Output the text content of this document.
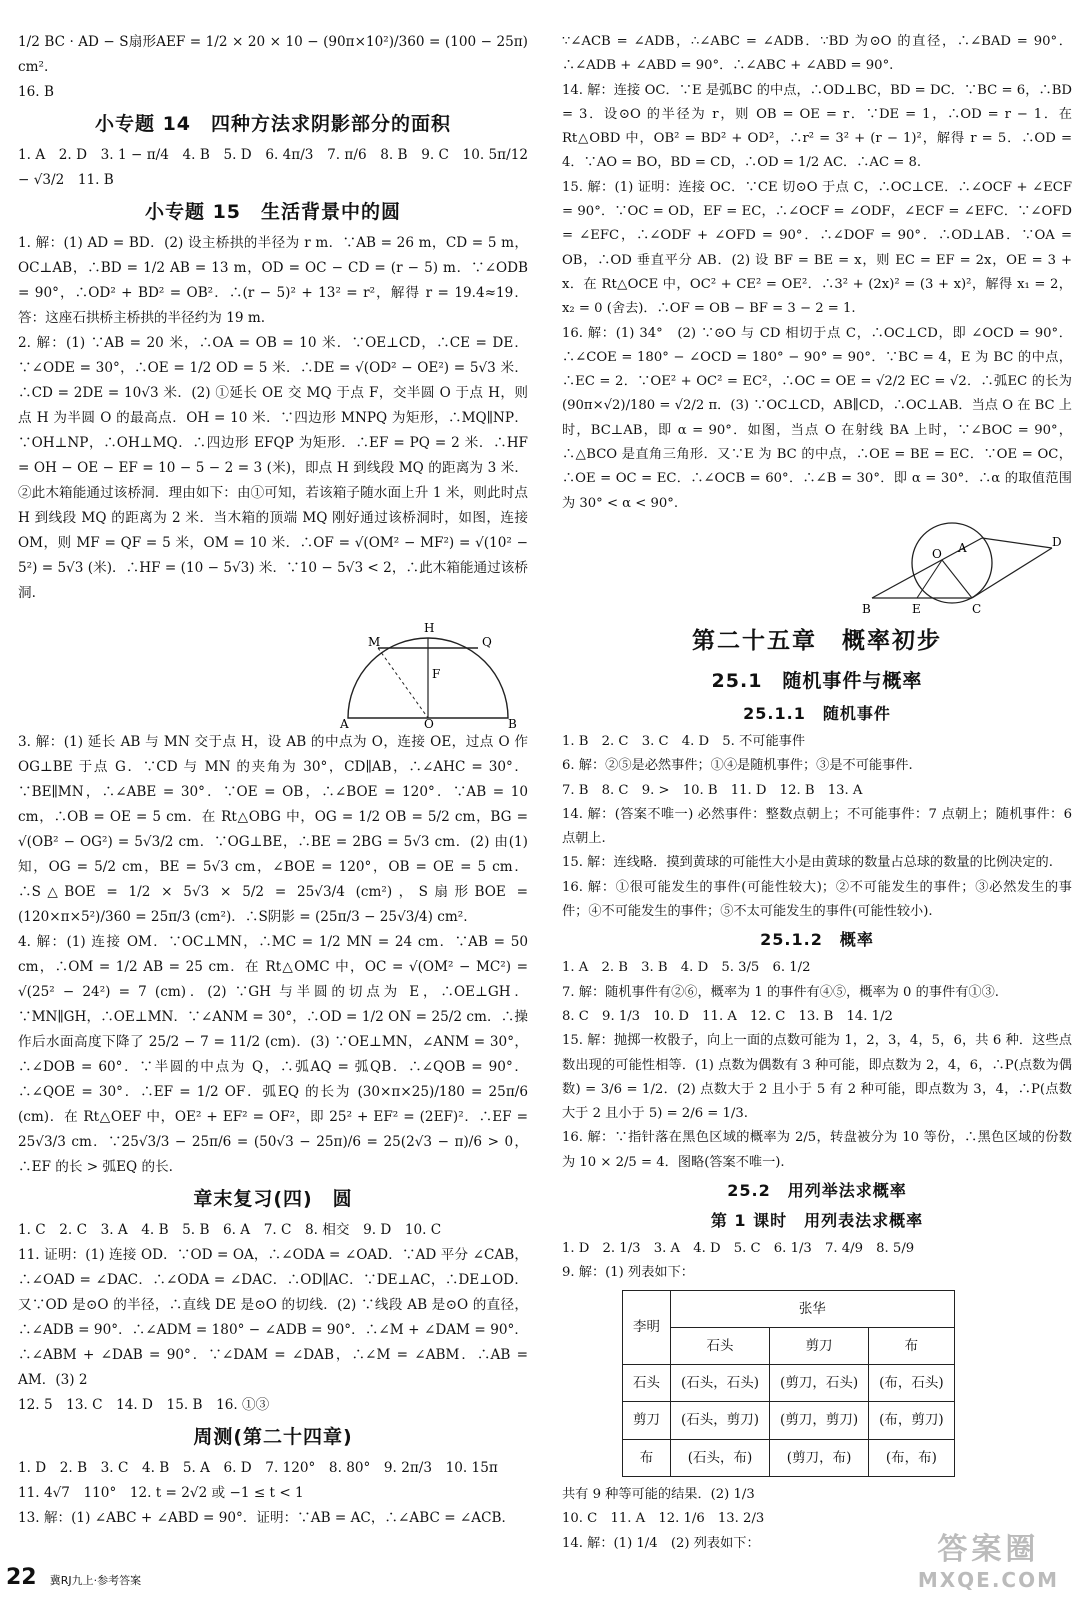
1/2 BC · AD − S扇形AEF = 1/2 × 20 × 10 − (90π×10²)/360 = (100 − 25π) cm².

16. B

小专题 14　四种方法求阴影部分的面积

1. A　2. D　3. 1 − π/4　4. B　5. D　6. 4π/3　7. π/6　8. B　9. C　10. 5π/12 − √3/2　11. B

小专题 15　生活背景中的圆

1. 解：(1) AD = BD．(2) 设主桥拱的半径为 r m．∵AB = 26 m，CD = 5 m，OC⊥AB，∴BD = 1/2 AB = 13 m，OD = OC − CD = (r − 5) m．∵∠ODB = 90°，∴OD² + BD² = OB²．∴(r − 5)² + 13² = r²，解得 r = 19.4≈19．答：这座石拱桥主桥拱的半径约为 19 m.

2. 解：(1) ∵AB = 20 米，∴OA = OB = 10 米．∵OE⊥CD，∴CE = DE．∵∠ODE = 30°，∴OE = 1/2 OD = 5 米．∴DE = √(OD² − OE²) = 5√3 米．∴CD = 2DE = 10√3 米．(2) ①延长 OE 交 MQ 于点 F，交半圆 O 于点 H，则点 H 为半圆 O 的最高点．OH = 10 米．∵四边形 MNPQ 为矩形，∴MQ∥NP．∵OH⊥NP，∴OH⊥MQ．∴四边形 EFQP 为矩形．∴EF = PQ = 2 米．∴HF = OH − OE − EF = 10 − 5 − 2 = 3 (米)，即点 H 到线段 MQ 的距离为 3 米．②此木箱能通过该桥洞．理由如下：由①可知，若该箱子随水面上升 1 米，则此时点 H 到线段 MQ 的距离为 2 米．当木箱的顶端 MQ 刚好通过该桥洞时，如图，连接 OM，则 MF = QF = 5 米，OM = 10 米．∴OF = √(OM² − MF²) = √(10² − 5²) = 5√3 (米)．∴HF = (10 − 5√3) 米．∵10 − 5√3 < 2，∴此木箱能通过该桥洞.

M
H
Q
F
A	O	B

3. 解：(1) 延长 AB 与 MN 交于点 H，设 AB 的中点为 O，连接 OE，过点 O 作 OG⊥BE 于点 G．∵CD 与 MN 的夹角为 30°，CD∥AB，∴∠AHC = 30°．∵BE∥MN，∴∠ABE = 30°．∵OE = OB，∴∠BOE = 120°．∵AB = 10 cm，∴OB = OE = 5 cm．在 Rt△OBG 中，OG = 1/2 OB = 5/2 cm，BG = √(OB² − OG²) = 5√3/2 cm．∵OG⊥BE，∴BE = 2BG = 5√3 cm．(2) 由(1)知，OG = 5/2 cm，BE = 5√3 cm，∠BOE = 120°，OB = OE = 5 cm．∴S△BOE = 1/2 × 5√3 × 5/2 = 25√3/4 (cm²)，S扇形BOE = (120×π×5²)/360 = 25π/3 (cm²)．∴S阴影 = (25π/3 − 25√3/4) cm².

4. 解：(1) 连接 OM．∵OC⊥MN，∴MC = 1/2 MN = 24 cm．∵AB = 50 cm，∴OM = 1/2 AB = 25 cm．在 Rt△OMC 中，OC = √(OM² − MC²) = √(25² − 24²) = 7 (cm)．(2) ∵GH 与半圆的切点为 E，∴OE⊥GH．∵MN∥GH，∴OE⊥MN．∵∠ANM = 30°，∴OD = 1/2 ON = 25/2 cm．∴操作后水面高度下降了 25/2 − 7 = 11/2 (cm)．(3) ∵OE⊥MN，∠ANM = 30°，∴∠DOB = 60°．∵半圆的中点为 Q，∴弧AQ = 弧QB．∴∠QOB = 90°．∴∠QOE = 30°．∴EF = 1/2 OF．弧EQ 的长为 (30×π×25)/180 = 25π/6 (cm)．在 Rt△OEF 中，OE² + EF² = OF²，即 25² + EF² = (2EF)²．∴EF = 25√3/3 cm．∵25√3/3 − 25π/6 = (50√3 − 25π)/6 = 25(2√3 − π)/6 > 0，∴EF 的长 > 弧EQ 的长.

章末复习(四)　圆

1. C　2. C　3. A　4. B　5. B　6. A　7. C　8. 相交　9. D　10. C

11. 证明：(1) 连接 OD．∵OD = OA，∴∠ODA = ∠OAD．∵AD 平分 ∠CAB，∴∠OAD = ∠DAC．∴∠ODA = ∠DAC．∴OD∥AC．∵DE⊥AC，∴DE⊥OD．又∵OD 是⊙O 的半径，∴直线 DE 是⊙O 的切线．(2) ∵线段 AB 是⊙O 的直径，∴∠ADB = 90°．∴∠ADM = 180° − ∠ADB = 90°．∴∠M + ∠DAM = 90°．∴∠ABM + ∠DAB = 90°．∵∠DAM = ∠DAB，∴∠M = ∠ABM．∴AB = AM．(3) 2

12. 5　13. C　14. D　15. B　16. ①③

周测(第二十四章)

1. D　2. B　3. C　4. B　5. A　6. D　7. 120°　8. 80°　9. 2π/3　10. 15π

11. 4√7　110°　12. t = 2√2 或 −1 ≤ t < 1

13. 解：(1) ∠ABC + ∠ABD = 90°．证明：∵AB = AC，∴∠ABC = ∠ACB．

∵∠ACB = ∠ADB，∴∠ABC = ∠ADB．∵BD 为⊙O 的直径，∴∠BAD = 90°．∴∠ADB + ∠ABD = 90°．∴∠ABC + ∠ABD = 90°.

14. 解：连接 OC．∵E 是弧BC 的中点，∴OD⊥BC，BD = DC．∵BC = 6，∴BD = 3．设⊙O 的半径为 r，则 OB = OE = r．∵DE = 1，∴OD = r − 1．在 Rt△OBD 中，OB² = BD² + OD²，∴r² = 3² + (r − 1)²，解得 r = 5．∴OD = 4．∵AO = BO，BD = CD，∴OD = 1/2 AC．∴AC = 8.

15. 解：(1) 证明：连接 OC．∵CE 切⊙O 于点 C，∴OC⊥CE．∴∠OCF + ∠ECF = 90°．∵OC = OD，EF = EC，∴∠OCF = ∠ODF，∠ECF = ∠EFC．∵∠OFD = ∠EFC，∴∠ODF + ∠OFD = 90°．∴∠DOF = 90°．∴OD⊥AB．∵OA = OB，∴OD 垂直平分 AB．(2) 设 BF = BE = x，则 EC = EF = 2x，OE = 3 + x．在 Rt△OCE 中，OC² + CE² = OE²．∴3² + (2x)² = (3 + x)²，解得 x₁ = 2，x₂ = 0 (舍去)．∴OF = OB − BF = 3 − 2 = 1.

16. 解：(1) 34°　(2) ∵⊙O 与 CD 相切于点 C，∴OC⊥CD，即 ∠OCD = 90°．∴∠COE = 180° − ∠OCD = 180° − 90° = 90°．∵BC = 4，E 为 BC 的中点，∴EC = 2．∵OE² + OC² = EC²，∴OC = OE = √2/2 EC = √2．∴弧EC 的长为 (90π×√2)/180 = √2/2 π．(3) ∵OC⊥CD，AB∥CD，∴OC⊥AB．当点 O 在 BC 上时，BC⊥AB，即 α = 90°．如图，当点 O 在射线 BA 上时，∵∠BOC = 90°，∴△BCO 是直角三角形．又∵E 为 BC 的中点，∴OE = BE = EC．∵OE = OC，∴OE = OC = EC．∴∠OCB = 60°．∴∠B = 30°．即 α = 30°．∴α 的取值范围为 30° < α < 90°.

O A	D
B	E	C
第二十五章　概率初步
25.1　随机事件与概率
25.1.1　随机事件

1. B　2. C　3. C　4. D　5. 不可能事件

6. 解：②⑤是必然事件；①④是随机事件；③是不可能事件.

7. B　8. C　9. >　10. B　11. D　12. B　13. A

14. 解：(答案不唯一) 必然事件：整数点朝上；不可能事件：7 点朝上；随机事件：6 点朝上.

15. 解：连线略．摸到黄球的可能性大小是由黄球的数量占总球的数量的比例决定的.

16. 解：①很可能发生的事件(可能性较大)；②不可能发生的事件；③必然发生的事件；④不可能发生的事件；⑤不太可能发生的事件(可能性较小).

25.1.2　概率

1. A　2. B　3. B　4. D　5. 3/5　6. 1/2

7. 解：随机事件有②⑥，概率为 1 的事件有④⑤，概率为 0 的事件有①③.

8. C　9. 1/3　10. D　11. A　12. C　13. B　14. 1/2

15. 解：抛掷一枚骰子，向上一面的点数可能为 1，2，3，4，5，6，共 6 种．这些点数出现的可能性相等．(1) 点数为偶数有 3 种可能，即点数为 2，4，6，∴P(点数为偶数) = 3/6 = 1/2．(2) 点数大于 2 且小于 5 有 2 种可能，即点数为 3，4，∴P(点数大于 2 且小于 5) = 2/6 = 1/3.

16. 解：∵指针落在黑色区域的概率为 2/5，转盘被分为 10 等份，∴黑色区域的份数为 10 × 2/5 = 4．图略(答案不唯一).

25.2　用列举法求概率
第 1 课时　用列表法求概率

1. D　2. 1/3　3. A　4. D　5. C　6. 1/3　7. 4/9　8. 5/9

9. 解：(1) 列表如下：

李明	张华		
	石头	剪刀	布
石头	(石头，石头)	(剪刀，石头)	(布，石头)
剪刀	(石头，剪刀)	(剪刀，剪刀)	(布，剪刀)
布	(石头，布)	(剪刀，布)	(布，布)

共有 9 种等可能的结果．(2) 1/3

10. C　11. A　12. 1/6　13. 2/3

14. 解：(1) 1/4　(2) 列表如下：

22 冀RJ九上·参考答案
答案圈
MXQE.COM
